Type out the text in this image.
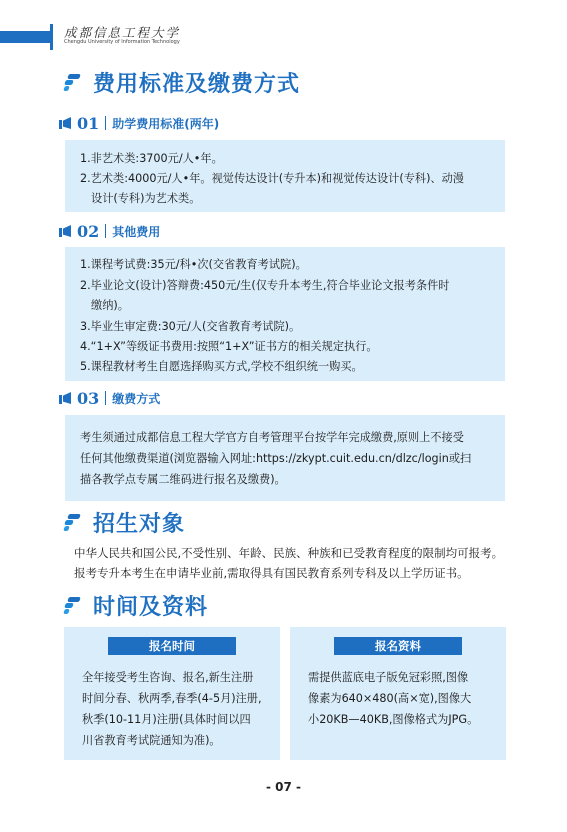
成都信息工程大学
Chengdu University of Information Technology
费用标准及缴费方式
01 助学费用标准(两年)
1.非艺术类:3700元/人•年。
2.艺术类:4000元/人•年。视觉传达设计(专升本)和视觉传达设计(专科)、动漫
设计(专科)为艺术类。
02 其他费用
1.课程考试费:35元/科•次(交省教育考试院)。
2.毕业论文(设计)答辩费:450元/生(仅专升本考生,符合毕业论文报考条件时
缴纳)。
3.毕业生审定费:30元/人(交省教育考试院)。
4.“1+X”等级证书费用:按照“1+X”证书方的相关规定执行。
5.课程教材考生自愿选择购买方式,学校不组织统一购买。
03 缴费方式
考生须通过成都信息工程大学官方自考管理平台按学年完成缴费,原则上不接受
任何其他缴费渠道(浏览器输入网址:https://zkypt.cuit.edu.cn/dlzc/login或扫
描各教学点专属二维码进行报名及缴费)。
招生对象
中华人民共和国公民,不受性别、年龄、民族、种族和已受教育程度的限制均可报考。
报考专升本考生在申请毕业前,需取得具有国民教育系列专科及以上学历证书。
时间及资料
报名时间
全年接受考生咨询、报名,新生注册
时间分春、秋两季,春季(4-5月)注册,
秋季(10-11月)注册(具体时间以四
川省教育考试院通知为准)。
报名资料
需提供蓝底电子版免冠彩照,图像
像素为640×480(高×宽),图像大
小20KB—40KB,图像格式为JPG。
- 07 -
